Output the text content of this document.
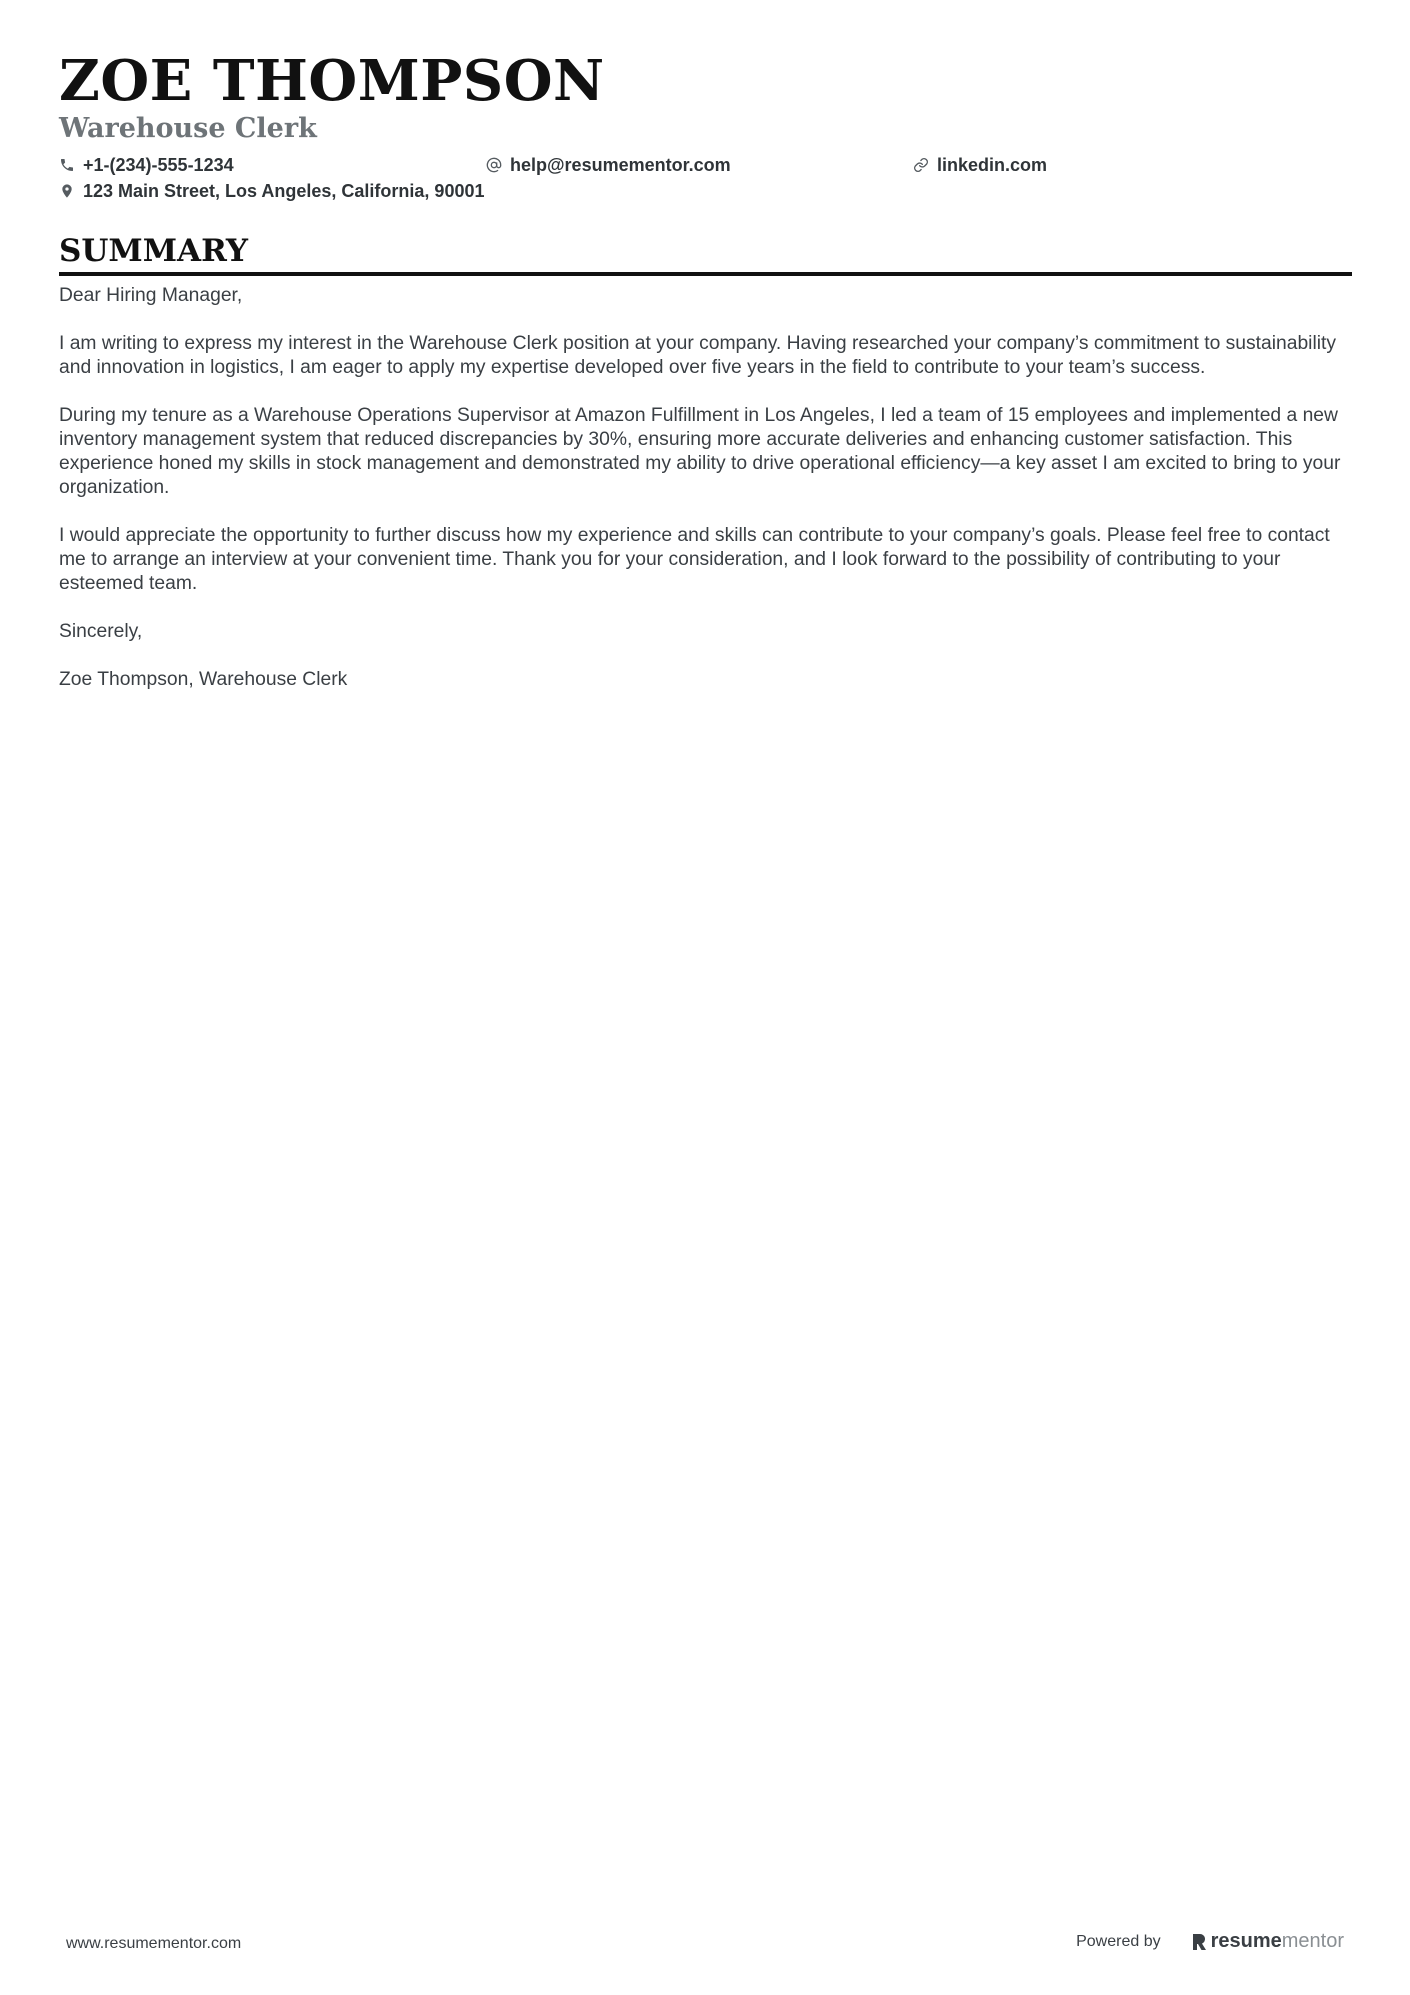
ZOE THOMPSON
Warehouse Clerk
+1-(234)-555-1234	help@resumementor.com	linkedin.com
123 Main Street, Los Angeles, California, 90001
SUMMARY

Dear Hiring Manager,

I am writing to express my interest in the Warehouse Clerk position at your company. Having researched your company’s commitment to sustainability and innovation in logistics, I am eager to apply my expertise developed over five years in the field to contribute to your team’s success.

During my tenure as a Warehouse Operations Supervisor at Amazon Fulfillment in Los Angeles, I led a team of 15 employees and implemented a new inventory management system that reduced discrepancies by 30%, ensuring more accurate deliveries and enhancing customer satisfaction. This experience honed my skills in stock management and demonstrated my ability to drive operational efficiency—a key asset I am excited to bring to your organization.

I would appreciate the opportunity to further discuss how my experience and skills can contribute to your company’s goals. Please feel free to contact me to arrange an interview at your convenient time. Thank you for your consideration, and I look forward to the possibility of contributing to your esteemed team.

Sincerely,

Zoe Thompson, Warehouse Clerk

www.resumementor.com	Powered by	resume mentor
